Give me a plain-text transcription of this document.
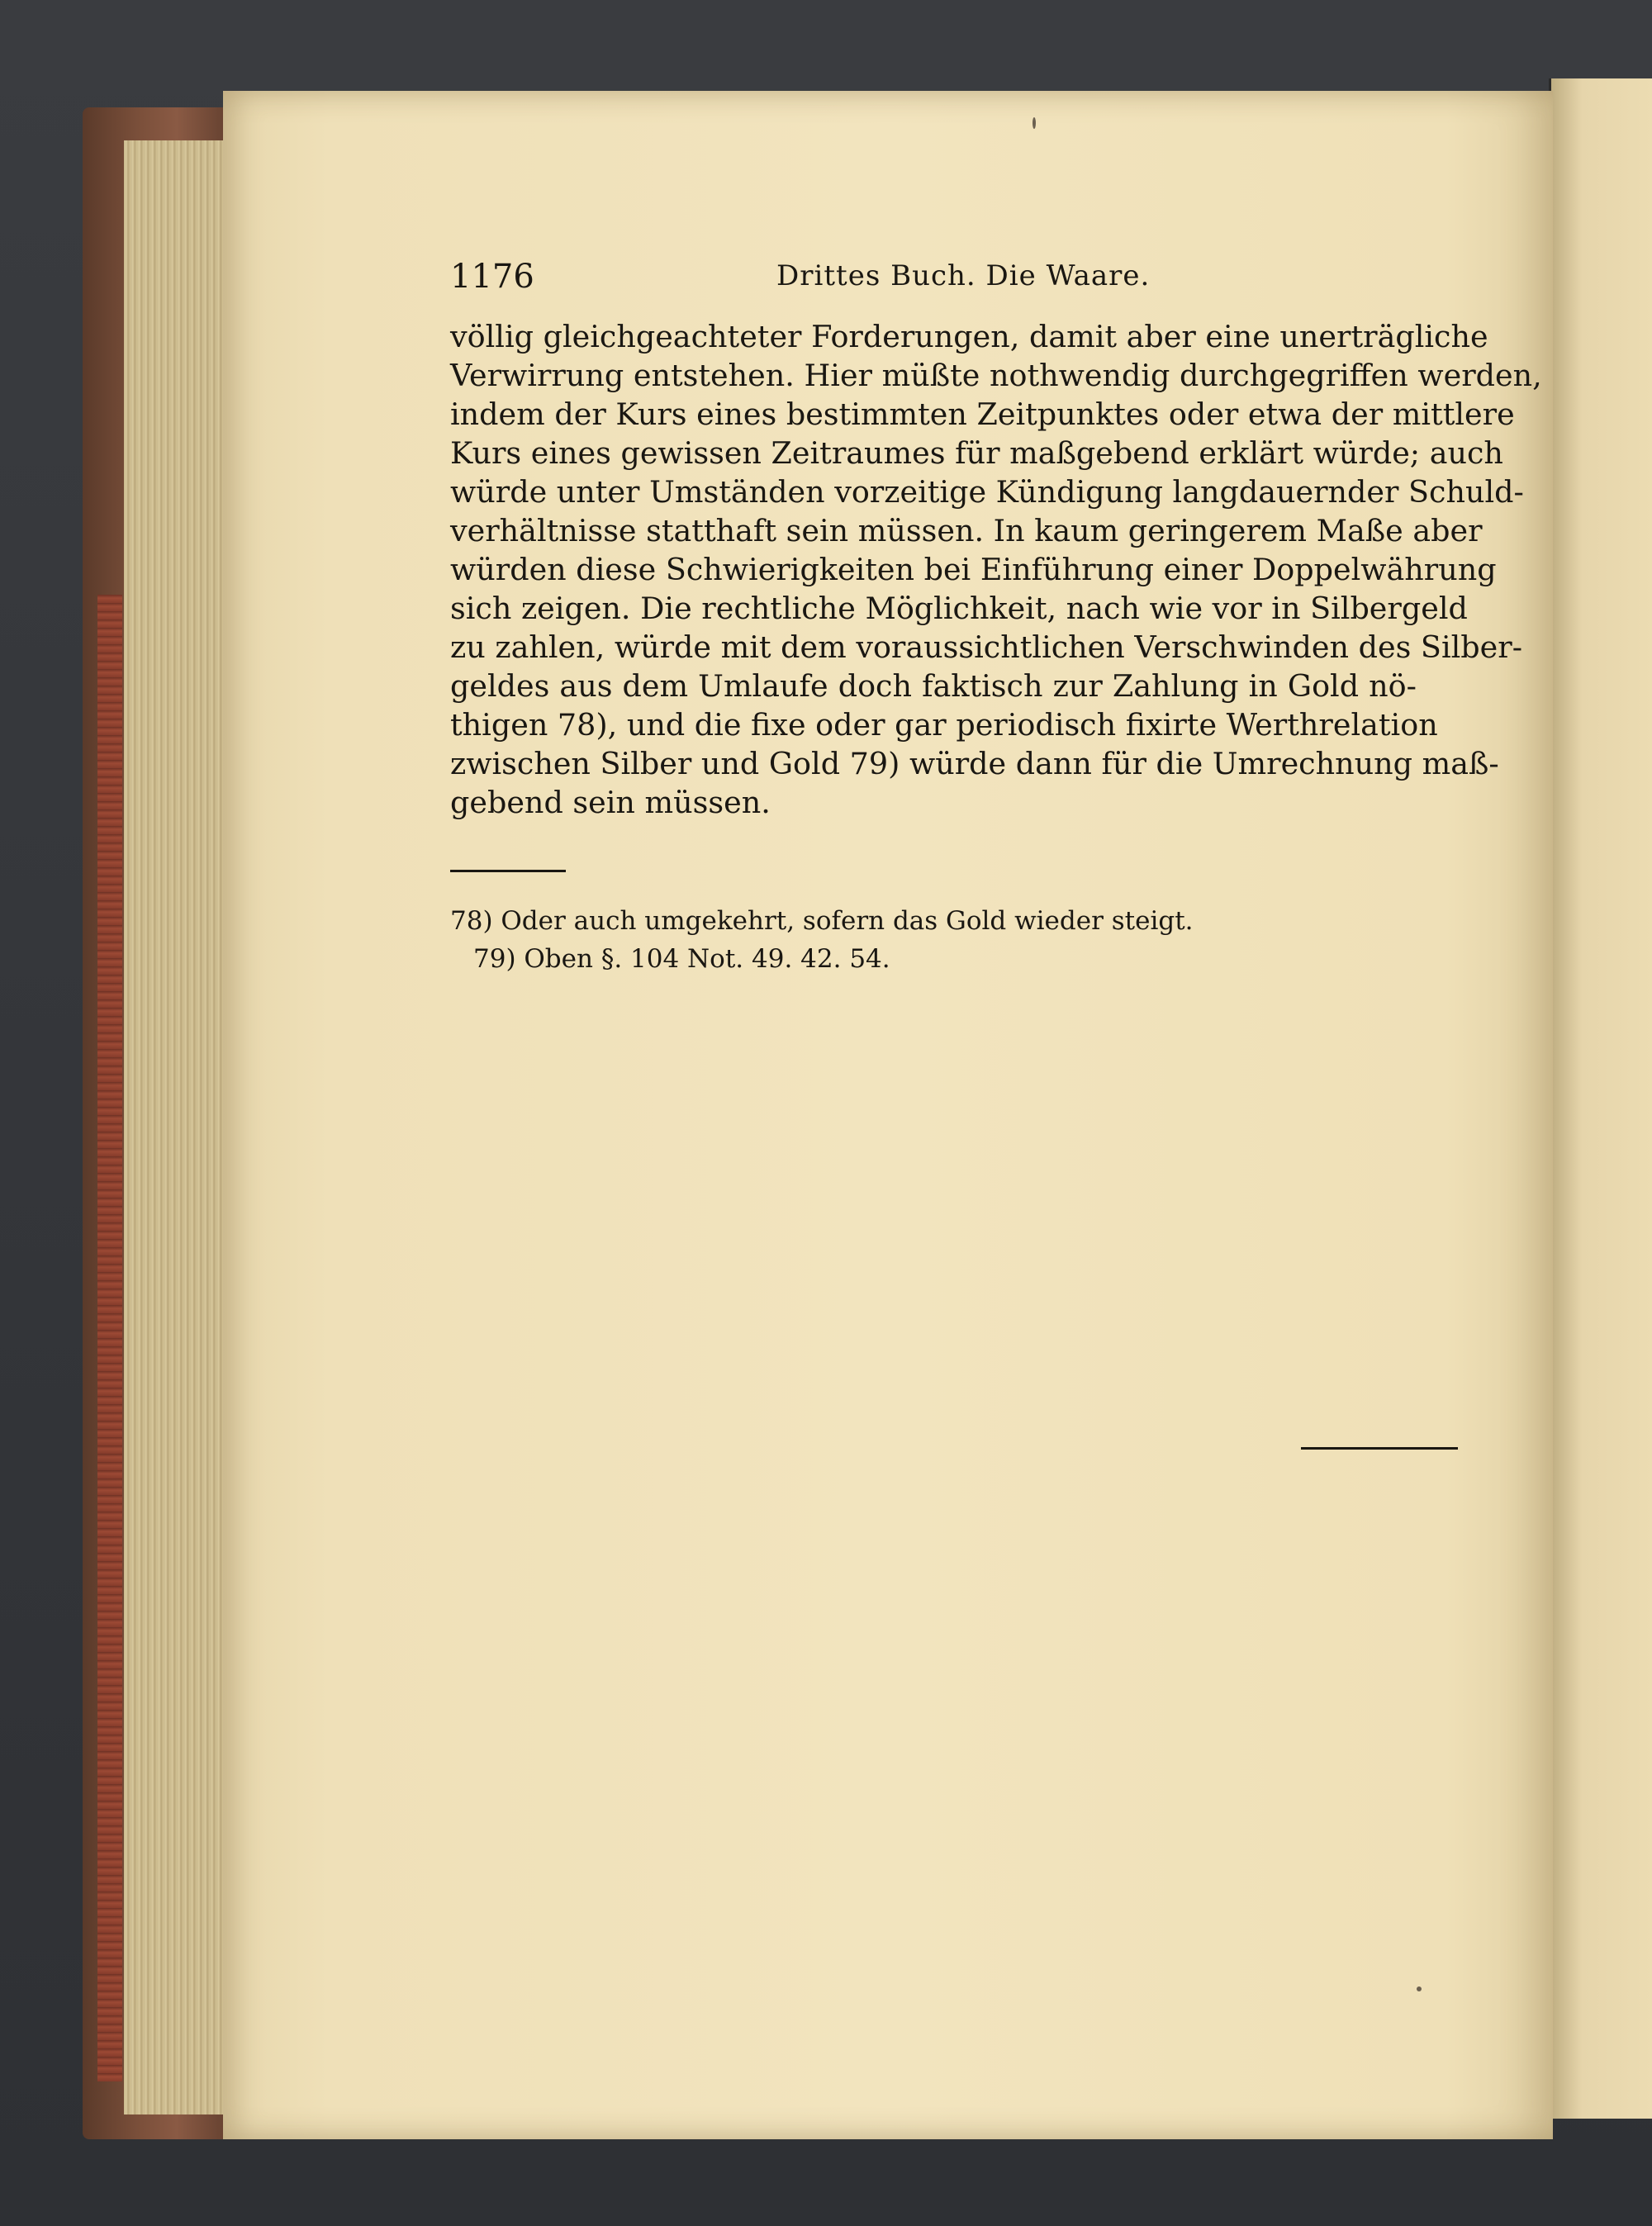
1176	Drittes Buch. Die Waare.
völlig gleichgeachteter Forderungen, damit aber eine unerträgliche
Verwirrung entstehen. Hier müßte nothwendig durchgegriffen werden,
indem der Kurs eines bestimmten Zeitpunktes oder etwa der mittlere
Kurs eines gewissen Zeitraumes für maßgebend erklärt würde; auch
würde unter Umständen vorzeitige Kündigung langdauernder Schuld-
verhältnisse statthaft sein müssen. In kaum geringerem Maße aber
würden diese Schwierigkeiten bei Einführung einer Doppelwährung
sich zeigen. Die rechtliche Möglichkeit, nach wie vor in Silbergeld
zu zahlen, würde mit dem voraussichtlichen Verschwinden des Silber-
geldes aus dem Umlaufe doch faktisch zur Zahlung in Gold nö-
thigen 78), und die fixe oder gar periodisch fixirte Werthrelation
zwischen Silber und Gold 79) würde dann für die Umrechnung maß-
gebend sein müssen.
78) Oder auch umgekehrt, sofern das Gold wieder steigt.
79) Oben §. 104 Not. 49. 42. 54.
